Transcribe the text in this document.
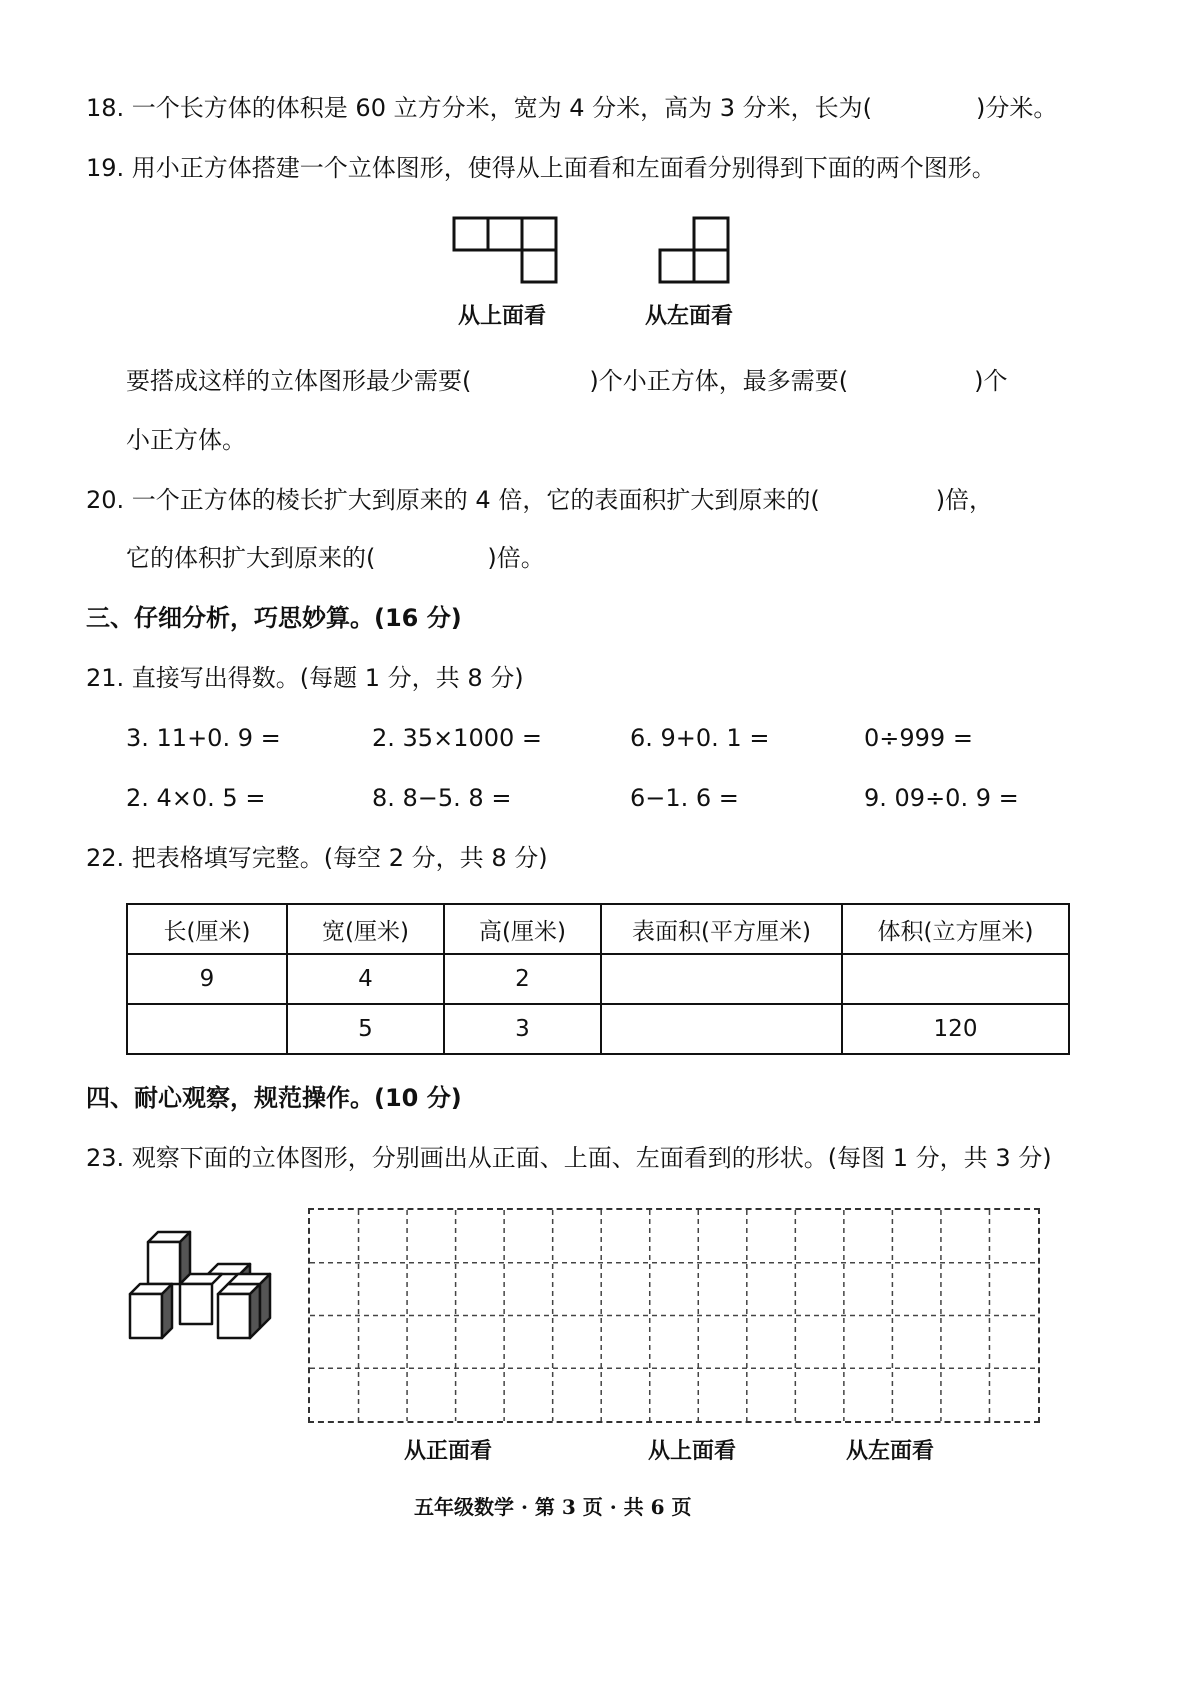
18. 一个长方体的体积是 60 立方分米，宽为 4 分米，高为 3 分米，长为(	)分米。
19. 用小正方体搭建一个立体图形，使得从上面看和左面看分别得到下面的两个图形。
从上面看	从左面看
要搭成这样的立体图形最少需要(	)个小正方体，最多需要(	)个
小正方体。
20. 一个正方体的棱长扩大到原来的 4 倍，它的表面积扩大到原来的(	)倍，
它的体积扩大到原来的(	)倍。
三、仔细分析，巧思妙算。(16 分)
21. 直接写出得数。(每题 1 分，共 8 分)
3. 11+0. 9 =	2. 35×1000 =	6. 9+0. 1 =	0÷999 =
2. 4×0. 5 =	8. 8−5. 8 =	6−1. 6 =	9. 09÷0. 9 =
22. 把表格填写完整。(每空 2 分，共 8 分)
长(厘米)	宽(厘米)	高(厘米)	表面积(平方厘米)	体积(立方厘米)
9	4	2		
	5	3		120
四、耐心观察，规范操作。(10 分)
23. 观察下面的立体图形，分别画出从正面、上面、左面看到的形状。(每图 1 分，共 3 分)
从正面看	从上面看	从左面看
五年级数学 · 第 3 页 · 共 6 页
